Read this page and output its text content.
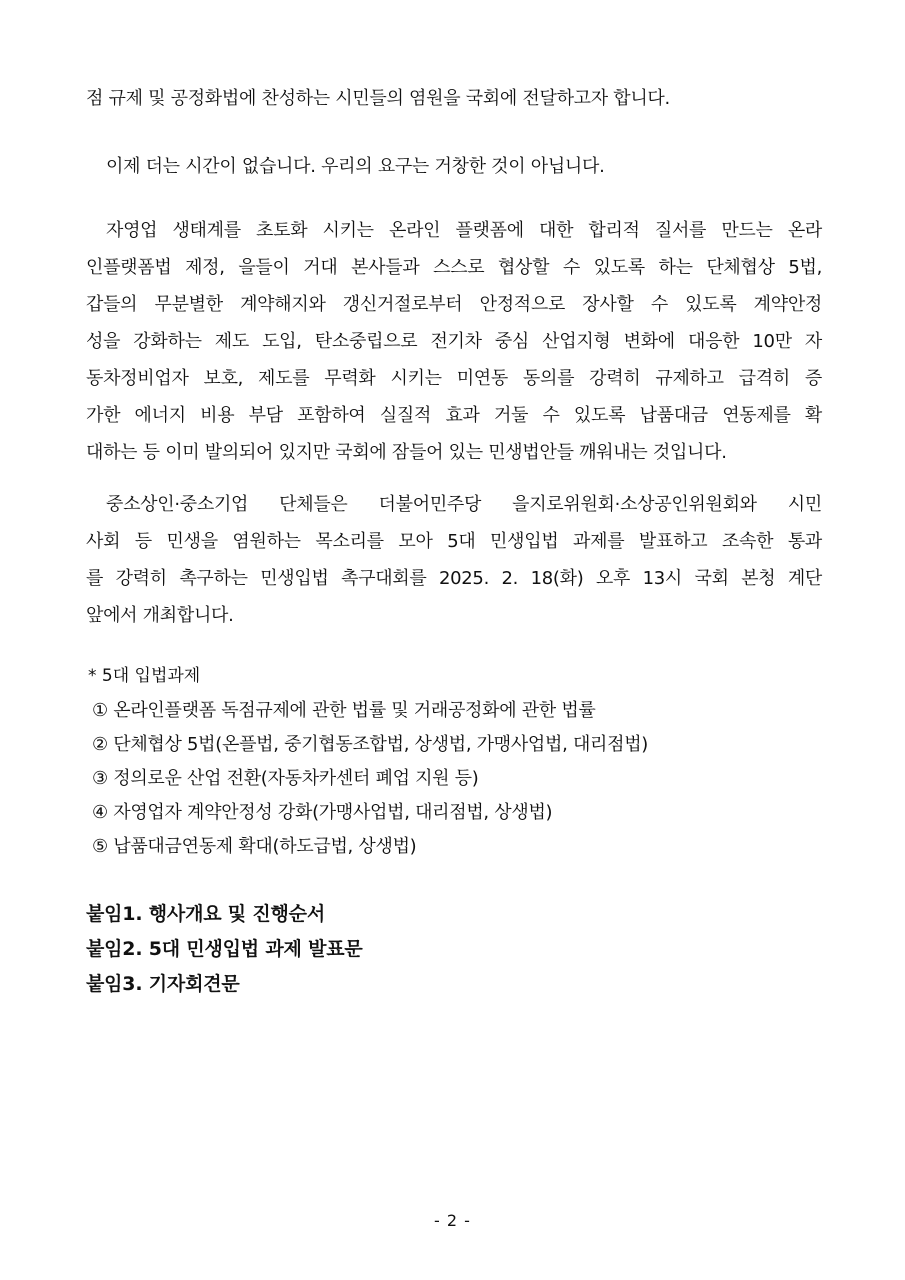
점 규제 및 공정화법에 찬성하는 시민들의 염원을 국회에 전달하고자 합니다.
이제 더는 시간이 없습니다. 우리의 요구는 거창한 것이 아닙니다.
자영업 생태계를 초토화 시키는 온라인 플랫폼에 대한 합리적 질서를 만드는 온라
인플랫폼법 제정, 을들이 거대 본사들과 스스로 협상할 수 있도록 하는 단체협상 5법,
갑들의 무분별한 계약해지와 갱신거절로부터 안정적으로 장사할 수 있도록 계약안정
성을 강화하는 제도 도입, 탄소중립으로 전기차 중심 산업지형 변화에 대응한 10만 자
동차정비업자 보호, 제도를 무력화 시키는 미연동 동의를 강력히 규제하고 급격히 증
가한 에너지 비용 부담 포함하여 실질적 효과 거둘 수 있도록 납품대금 연동제를 확
대하는 등 이미 발의되어 있지만 국회에 잠들어 있는 민생법안들 깨워내는 것입니다.
중소상인·중소기업 단체들은 더불어민주당 을지로위원회·소상공인위원회와 시민
사회 등 민생을 염원하는 목소리를 모아 5대 민생입법 과제를 발표하고 조속한 통과
를 강력히 촉구하는 민생입법 촉구대회를 2025. 2. 18(화) 오후 13시 국회 본청 계단
앞에서 개최합니다.
* 5대 입법과제
① 온라인플랫폼 독점규제에 관한 법률 및 거래공정화에 관한 법률
② 단체협상 5법(온플법, 중기협동조합법, 상생법, 가맹사업법, 대리점법)
③ 정의로운 산업 전환(자동차카센터 폐업 지원 등)
④ 자영업자 계약안정성 강화(가맹사업법, 대리점법, 상생법)
⑤ 납품대금연동제 확대(하도급법, 상생법)
붙임1. 행사개요 및 진행순서
붙임2. 5대 민생입법 과제 발표문
붙임3. 기자회견문
- 2 -
